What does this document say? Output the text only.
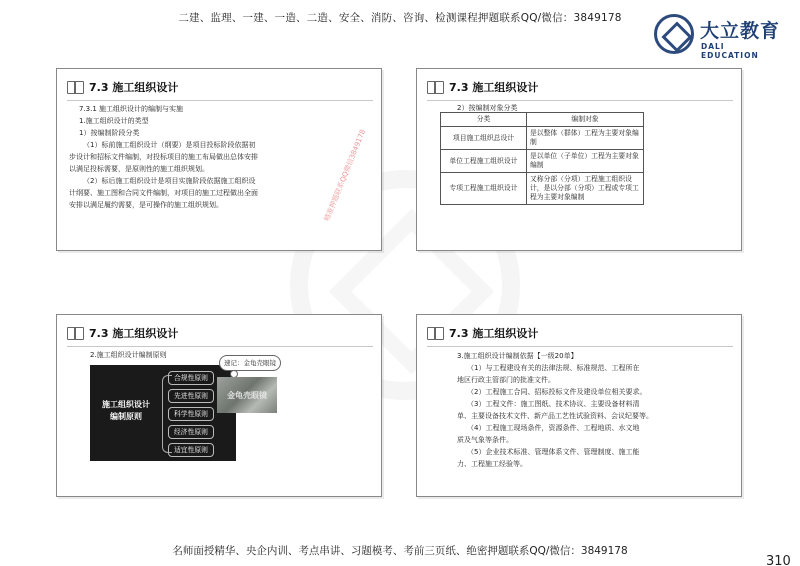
二建、监理、一建、一造、二造、安全、消防、咨询、检测课程押题联系QQ/微信：3849178
大立教育
DALI EDUCATION
7.3 施工组织设计

7.3.1 施工组织设计的编制与实施

1.施工组织设计的类型

1）按编制阶段分类

（1）标前施工组织设计（纲要）是项目投标阶段依据初

步设计和招标文件编制，对投标项目的施工布局做出总体安排

以满足投标需要，是原则性的施工组织规划。

（2）标后施工组织设计是项目实施阶段依据施工组织设

计纲要、施工图和合同文件编制，对项目的施工过程做出全面

安排以满足履约需要，是可操作的施工组织规划。	精准押题联系QQ微信3849178
7.3 施工组织设计
2）按编制对象分类
分类	编制对象
项目施工组织总设计	是以整体（群体）工程为主要对象编制
单位工程施工组织设计	是以单位（子单位）工程为主要对象编制
专项工程施工组织设计	又称分部（分项）工程施工组织设计，是以分部（分项）工程或专项工程为主要对象编制
7.3 施工组织设计
2.施工组织设计编制原则
施工组织设计
编制原则
合规性原则
先进性原则
科学性原则
经济性原则
适宜性原则
速记：金龟壳眼镜
金龟壳眼镜
7.3 施工组织设计

3.施工组织设计编制依据【一级20单】

（1）与工程建设有关的法律法规、标准规范、工程所在

地区行政主管部门的批准文件。

（2）工程施工合同、招标投标文件及建设单位相关要求。

（3）工程文件：施工图纸、技术协议、主要设备材料清

单、主要设备技术文件、新产品工艺性试验资料、会议纪要等。

（4）工程施工现场条件，资源条件、工程地质、水文地

质及气象等条件。

（5）企业技术标准、管理体系文件、管理制度、施工能

力、工程施工经验等。

名师面授精华、央企内训、考点串讲、习题模考、考前三页纸、绝密押题联系QQ/微信：3849178
310
